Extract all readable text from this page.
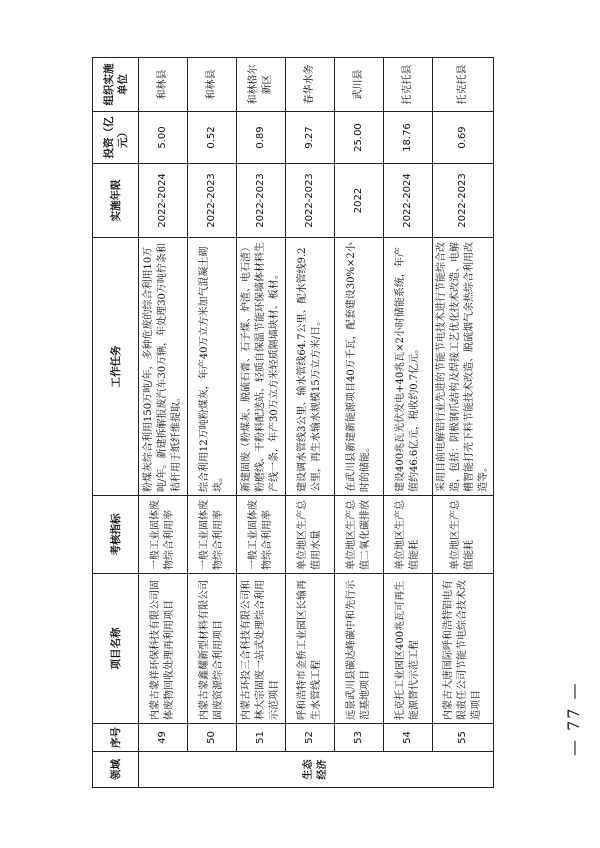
领域	序号	项目名称	考核指标	工作任务	实施年限	投资（亿元）	组织实施单位
生态经济	49	内蒙古蒙祥环保科技有限公司固体废物回收处理再利用项目	一般工业固体废物综合利用率	粉煤灰综合利用150万吨/年，多种危废的综合利用10万吨/年。新建拆解报废汽车30万辆，年处理30万吨柠条和秸秆用于纸纤维提取。	2022-2024	5.00	和林县
	50	内蒙古蒙鑫耀新型材料有限公司固废资源综合利用项目	一般工业固体废物综合利用率	综合利用12万吨粉煤灰，年产40万立方米加气混凝土砌块。	2022-2023	0.52	和林县
	51	内蒙古环投三合科技有限公司和林大宗固废一站式处理综合利用示范项目	一般工业固体废物综合利用率	新建固废（粉煤灰、脱硫石膏、石子煤、炉渣、电石渣）粉磨线、干粉料配送站、轻质自保温节能环保墙体材料生产线一条，年产30万立方米轻质隔墙块材、板材。	2022-2023	0.89	和林格尔新区
	52	呼和浩特市金桥工业园区长输再生水管线工程	单位地区生产总值用水量	建设调水管线3公里、输水管线64.7公里、配水管线9.2公里，再生水输水规模15万立方米/日。	2022-2023	9.27	春华水务
	53	远景武川县碳达峰碳中和先行示范基地项目	单位地区生产总值二氧化碳排放	在武川县新建新能源项目40万千瓦，配套建设30%×2小时的储能。	2022	25.00	武川县
	54	托克托工业园区400兆瓦可再生能源替代示范工程	单位地区生产总值能耗	建设400兆瓦光伏发电+40兆瓦×2小时储能系统，年产值约46.6亿元，税收约0.7亿元。	2022-2024	18.76	托克托县
	55	内蒙古大唐国际呼和浩特铝电有限责任公司节能节电综合技术改造项目	单位地区生产总值能耗	采用目前电解铝行业先进的节能节电技术进行节能综合改造，包括：阴极钢爪结构及焊接工艺优化技术改造、电解槽智能打壳下料节能技术改造、脱硫烟气余热综合利用改造等。	2022-2023	0.69	托克托县
— 77 —
